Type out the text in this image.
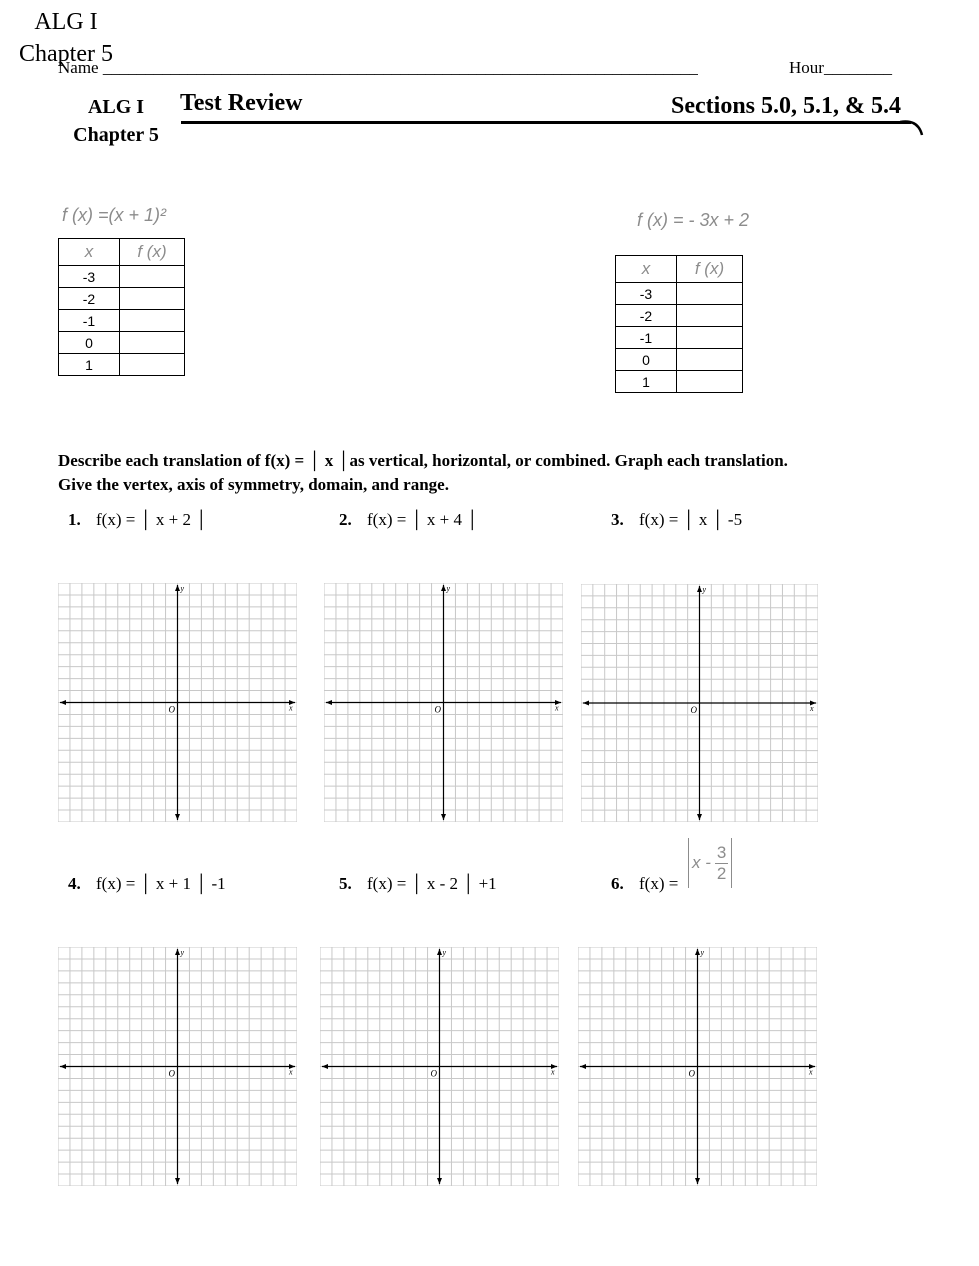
ALG I
Chapter 5
Name ______________________________________________________________________	Hour________
ALG I
Chapter 5
Test Review	Sections 5.0, 5.1, & 5.4
f (x) =(x + 1)²
x	f (x)
-3	
-2	
-1	
0	
1	
f (x) = - 3x + 2
x	f (x)
-3	
-2	
-1	
0	
1	
Describe each translation of f(x) = │ x │as vertical, horizontal, or combined. Graph each translation.
Give the vertex, axis of symmetry, domain, and range.
1. f(x) = │ x + 2 │	2. f(x) = │ x + 4 │	3. f(x) = │ x │ -5
O	x
y
O	x
y
O	x
y
4. f(x) = │ x + 1 │ -1	5. f(x) = │ x - 2 │ +1	6. f(x) =
x - $\frac{3}{2}$
O	x
y
O	x
y
O	x
y
